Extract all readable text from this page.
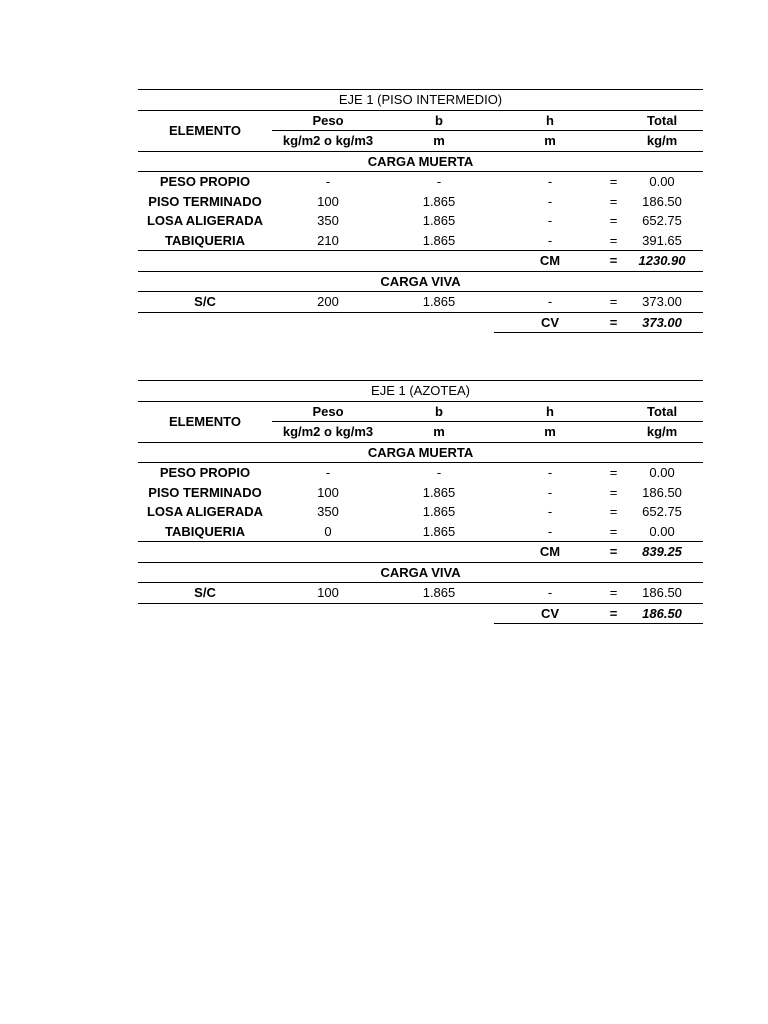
EJE 1 (PISO INTERMEDIO)					
ELEMENTO	Peso	b	h		Total
	kg/m2 o kg/m3	m	m		kg/m
CARGA MUERTA					
PESO PROPIO	-	-	-	=	0.00
PISO TERMINADO	100	1.865	-	=	186.50
LOSA ALIGERADA	350	1.865	-	=	652.75
TABIQUERIA	210	1.865	-	=	391.65
			CM	=	1230.90
CARGA VIVA					
S/C	200	1.865	-	=	373.00
			CV	=	373.00
EJE 1 (AZOTEA)					
ELEMENTO	Peso	b	h		Total
	kg/m2 o kg/m3	m	m		kg/m
CARGA MUERTA					
PESO PROPIO	-	-	-	=	0.00
PISO TERMINADO	100	1.865	-	=	186.50
LOSA ALIGERADA	350	1.865	-	=	652.75
TABIQUERIA	0	1.865	-	=	0.00
			CM	=	839.25
CARGA VIVA					
S/C	100	1.865	-	=	186.50
			CV	=	186.50
